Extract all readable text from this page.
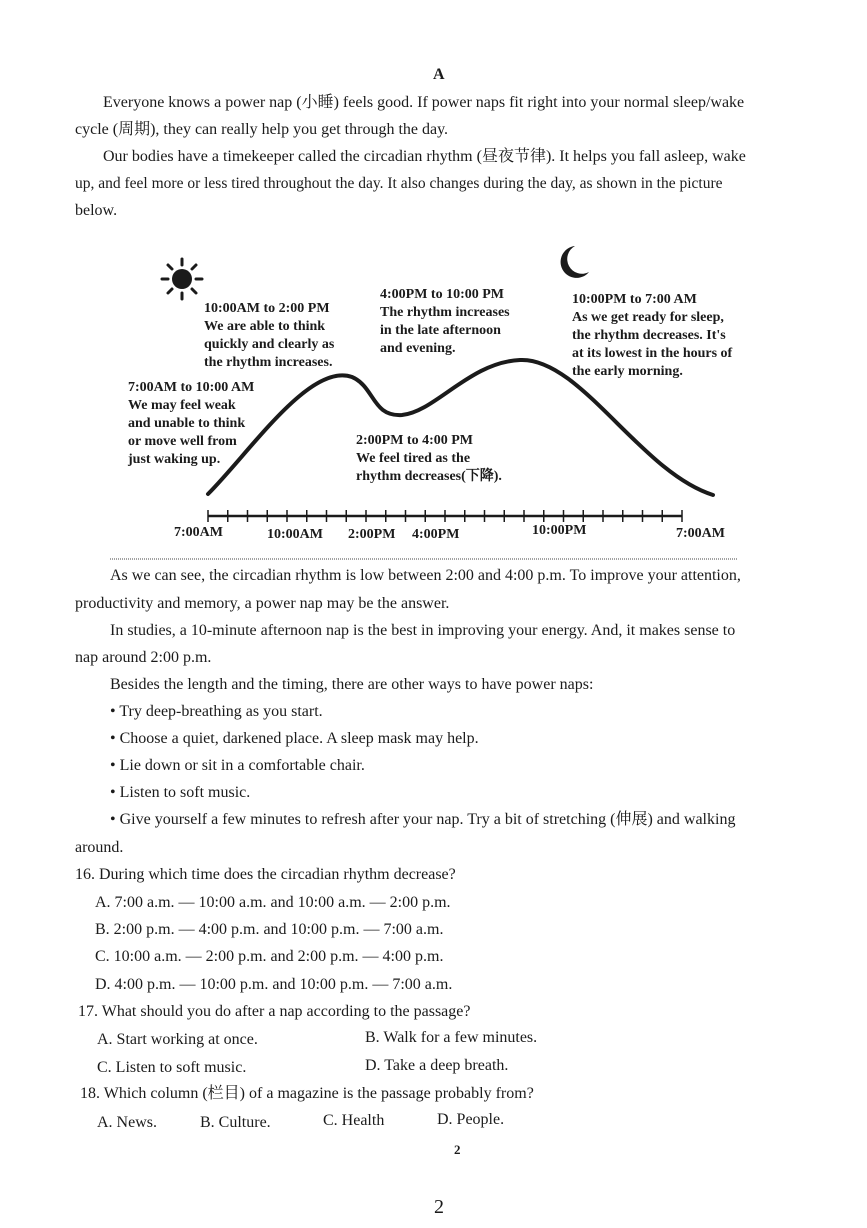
A
Everyone knows a power nap (小睡) feels good. If power naps fit right into your normal sleep/wake
cycle (周期), they can really help you get through the day.
Our bodies have a timekeeper called the circadian rhythm (昼夜节律). It helps you fall asleep, wake
up, and feel more or less tired throughout the day. It also changes during the day, as shown in the picture
below.
10:00AM to 2:00 PM
We are able to think
quickly and clearly as
the rhythm increases.
4:00PM to 10:00 PM
The rhythm increases
in the late afternoon
and evening.
10:00PM to 7:00 AM
As we get ready for sleep,
the rhythm decreases. It's
at its lowest in the hours of
the early morning.
7:00AM to 10:00 AM
We may feel weak
and unable to think
or move well from
just waking up.
2:00PM to 4:00 PM
We feel tired as the
rhythm decreases(下降).
7:00AM	10:00AM 2:00PM 4:00PM	10:00PM	7:00AM
As we can see, the circadian rhythm is low between 2:00 and 4:00 p.m. To improve your attention,
productivity and memory, a power nap may be the answer.
In studies, a 10-minute afternoon nap is the best in improving your energy. And, it makes sense to
nap around 2:00 p.m.
Besides the length and the timing, there are other ways to have power naps:
• Try deep-breathing as you start.
• Choose a quiet, darkened place. A sleep mask may help.
• Lie down or sit in a comfortable chair.
• Listen to soft music.
• Give yourself a few minutes to refresh after your nap. Try a bit of stretching (伸展) and walking
around.
16. During which time does the circadian rhythm decrease?
A. 7:00 a.m. — 10:00 a.m. and 10:00 a.m. — 2:00 p.m.
B. 2:00 p.m. — 4:00 p.m. and 10:00 p.m. — 7:00 a.m.
C. 10:00 a.m. — 2:00 p.m. and 2:00 p.m. — 4:00 p.m.
D. 4:00 p.m. — 10:00 p.m. and 10:00 p.m. — 7:00 a.m.
17. What should you do after a nap according to the passage?
A. Start working at once.	B. Walk for a few minutes.
C. Listen to soft music.	D. Take a deep breath.
18. Which column (栏目) of a magazine is the passage probably from?
A. News.	B. Culture.	C. Health	D. People.
2
2
